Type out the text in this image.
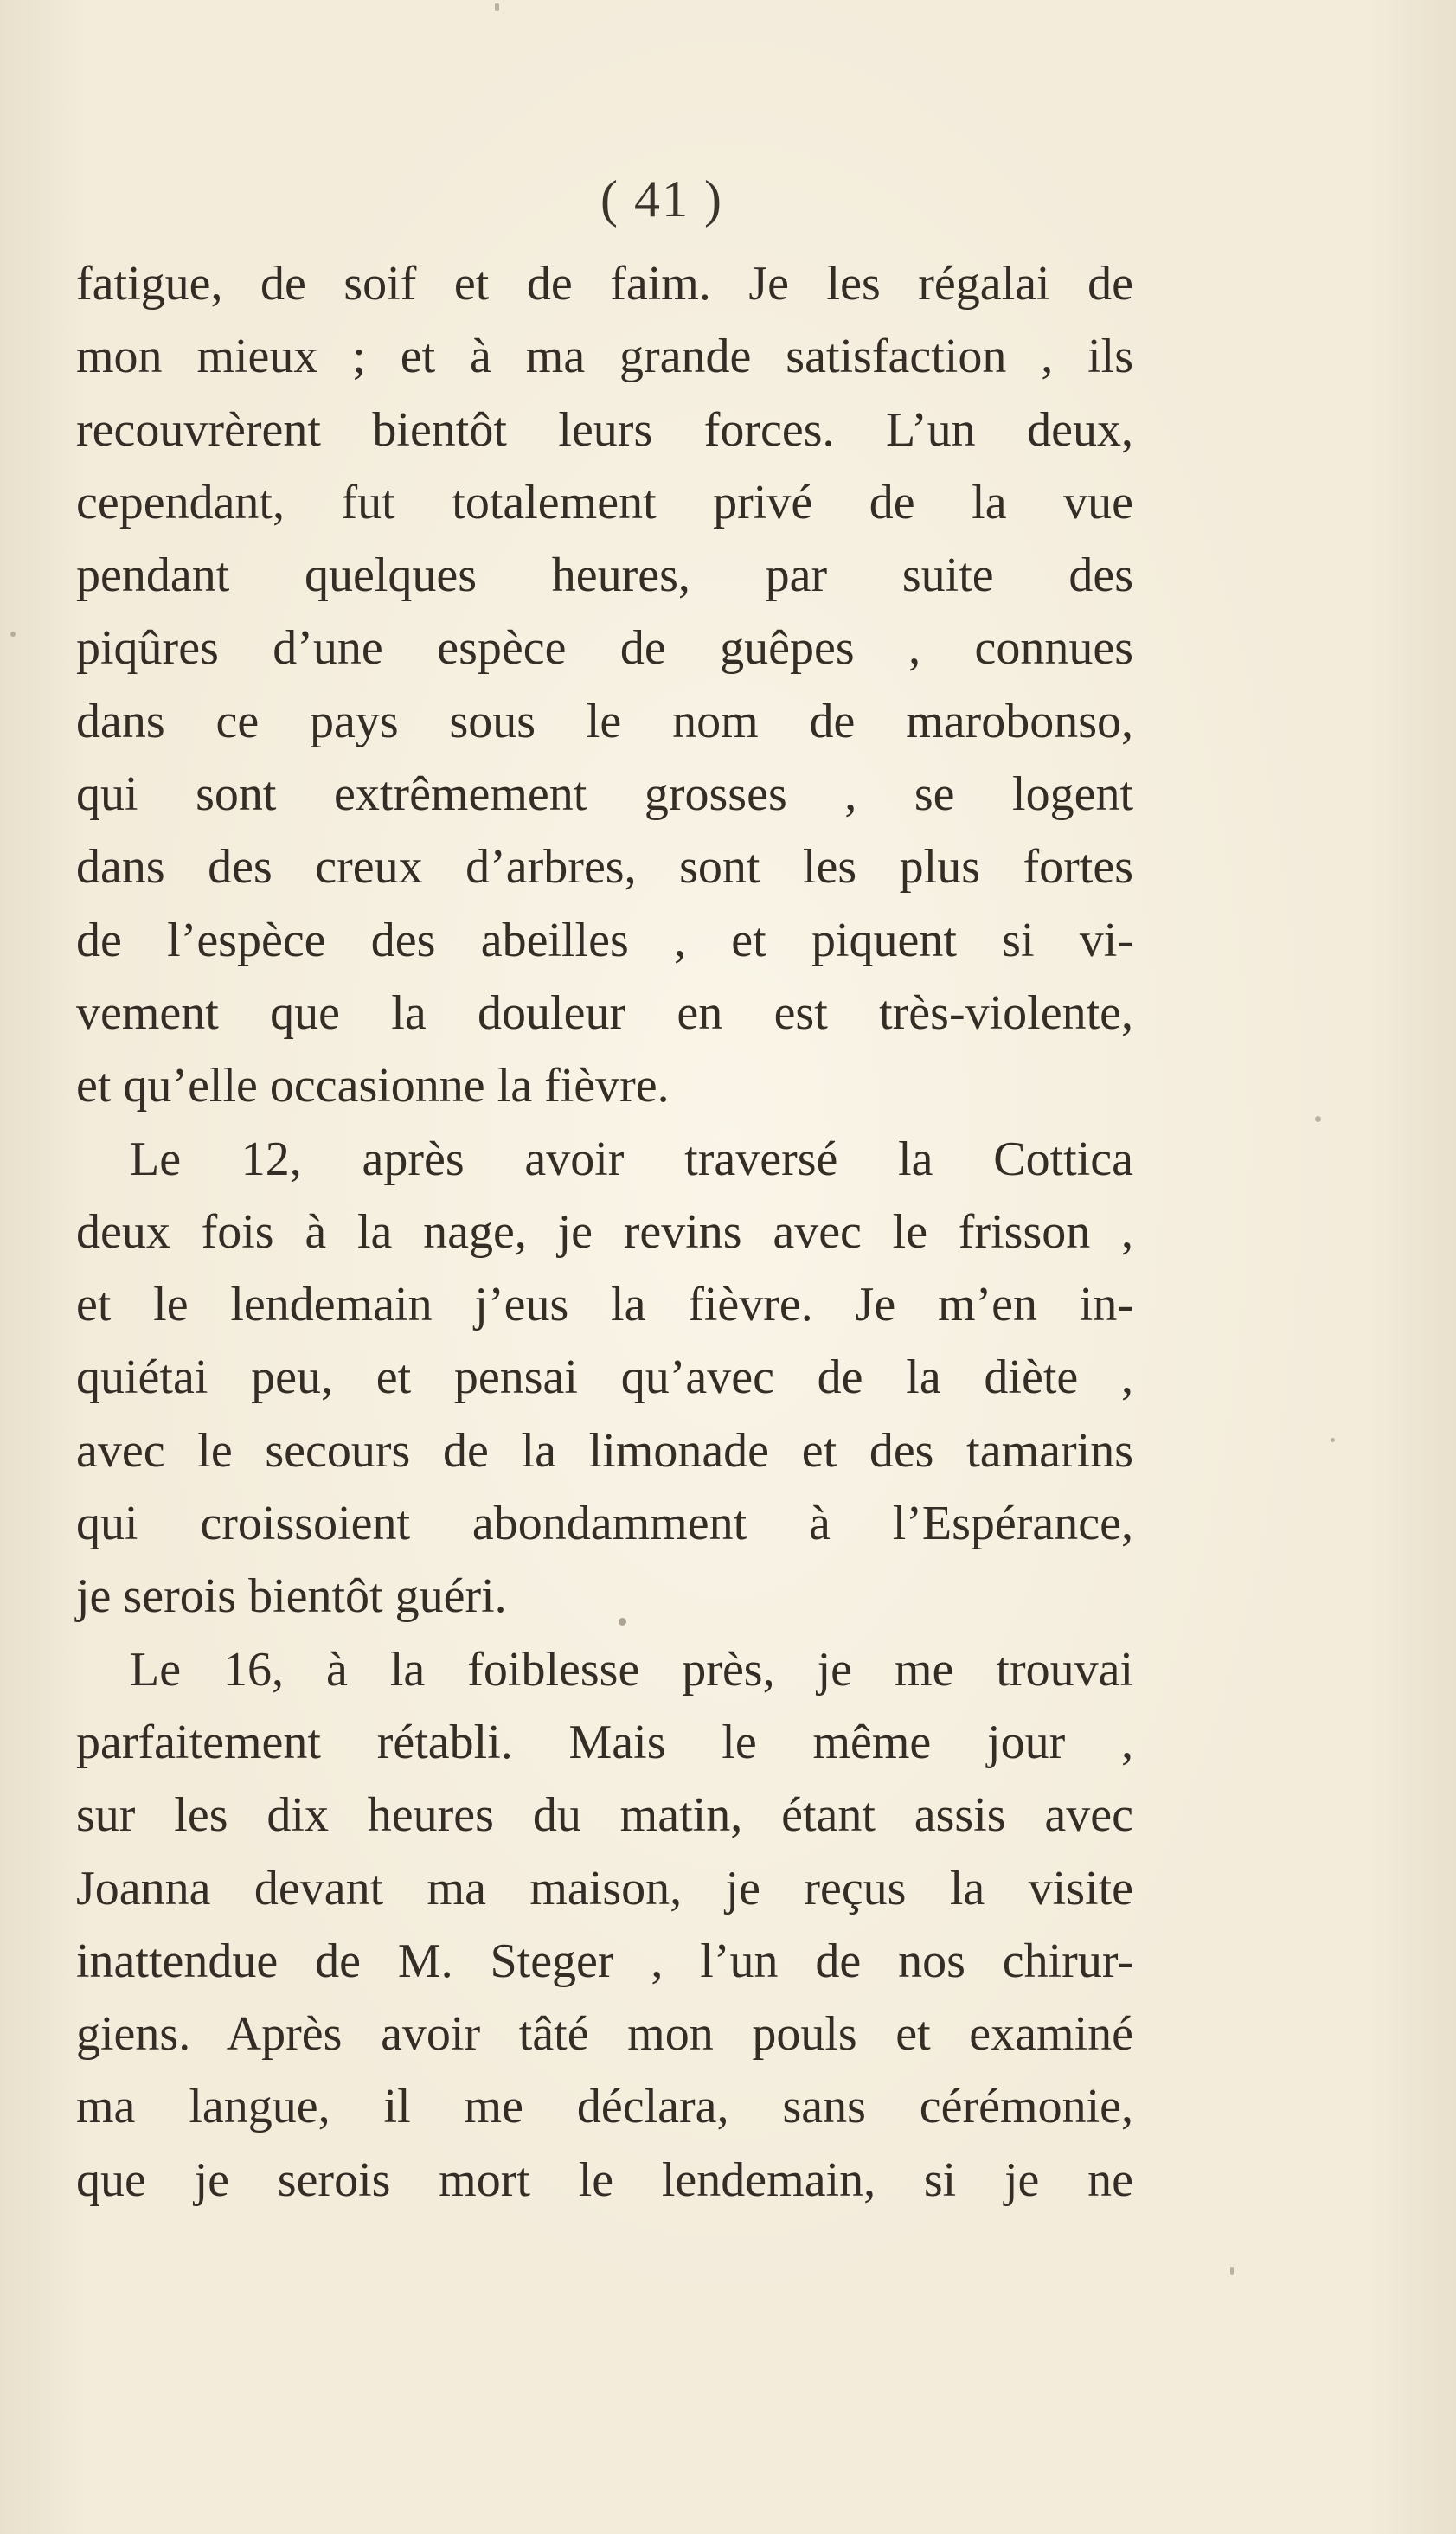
( 41 )
fatigue, de soif et de faim. Je les régalai de
mon mieux ; et à ma grande satisfaction , ils
recouvrèrent bientôt leurs forces. L’un deux,
cependant, fut totalement privé de la vue
pendant quelques heures, par suite des
piqûres d’une espèce de guêpes , connues
dans ce pays sous le nom de marobonso,
qui sont extrêmement grosses , se logent
dans des creux d’arbres, sont les plus fortes
de l’espèce des abeilles , et piquent si vi-
vement que la douleur en est très-violente,
et qu’elle occasionne la fièvre.
Le 12, après avoir traversé la Cottica
deux fois à la nage, je revins avec le frisson ,
et le lendemain j’eus la fièvre. Je m’en in-
quiétai peu, et pensai qu’avec de la diète ,
avec le secours de la limonade et des tamarins
qui croissoient abondamment à l’Espérance,
je serois bientôt guéri.
Le 16, à la foiblesse près, je me trouvai
parfaitement rétabli. Mais le même jour ,
sur les dix heures du matin, étant assis avec
Joanna devant ma maison, je reçus la visite
inattendue de M. Steger , l’un de nos chirur-
giens. Après avoir tâté mon pouls et examiné
ma langue, il me déclara, sans cérémonie,
que je serois mort le lendemain, si je ne
